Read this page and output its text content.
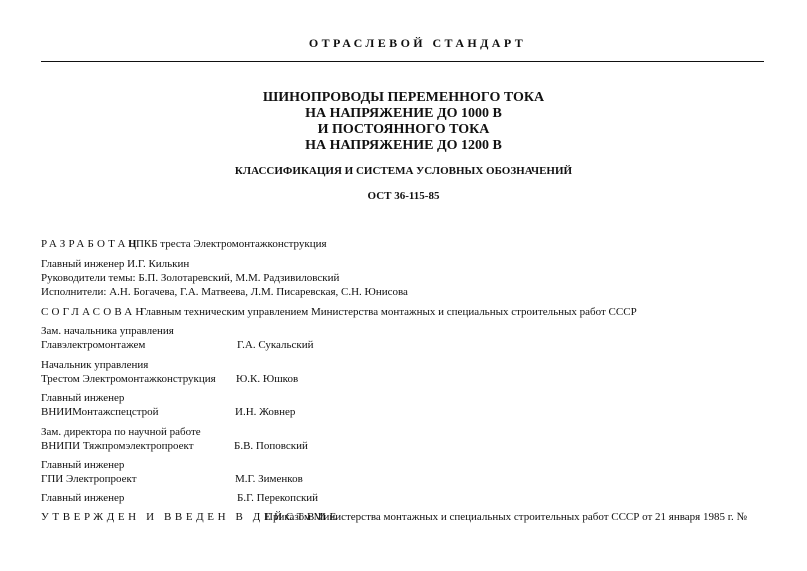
ОТРАСЛЕВОЙ СТАНДАРТ
ШИНОПРОВОДЫ ПЕРЕМЕННОГО ТОКА
НА НАПРЯЖЕНИЕ ДО 1000 В
И ПОСТОЯННОГО ТОКА
НА НАПРЯЖЕНИЕ ДО 1200 В
КЛАССИФИКАЦИЯ И СИСТЕМА УСЛОВНЫХ ОБОЗНАЧЕНИЙ
ОСТ 36-115-85
РАЗРАБОТАН
ЦПКБ треста Электромонтажконструкция
Главный инженер И.Г. Килькин
Руководители темы: Б.П. Золотаревский, М.М. Радзивиловский
Исполнители: А.Н. Богачева, Г.А. Матвеева, Л.М. Писаревская, С.Н. Юнисова
СОГЛАСОВАН
Главным техническим управлением Министерства монтажных и специальных строительных работ СССР
Зам. начальника управления
Главэлектромонтажем	Г.А. Сукальский
Начальник управления
Трестом Электромонтажконструкция Ю.К. Юшков
Главный инженер
ВНИИМонтажспецстрой	И.Н. Жовнер
Зам. директора по научной работе
ВНИПИ Тяжпромэлектропроект	Б.В. Поповский
Главный инженер
ГПИ Электропроект	М.Г. Зименков
Главный инженер	Б.Г. Перекопский
УТВЕРЖДЕН И ВВЕДЕН В ДЕЙСТВИЕ
Приказом Министерства монтажных и специальных строительных работ СССР от 21 января 1985 г. №
